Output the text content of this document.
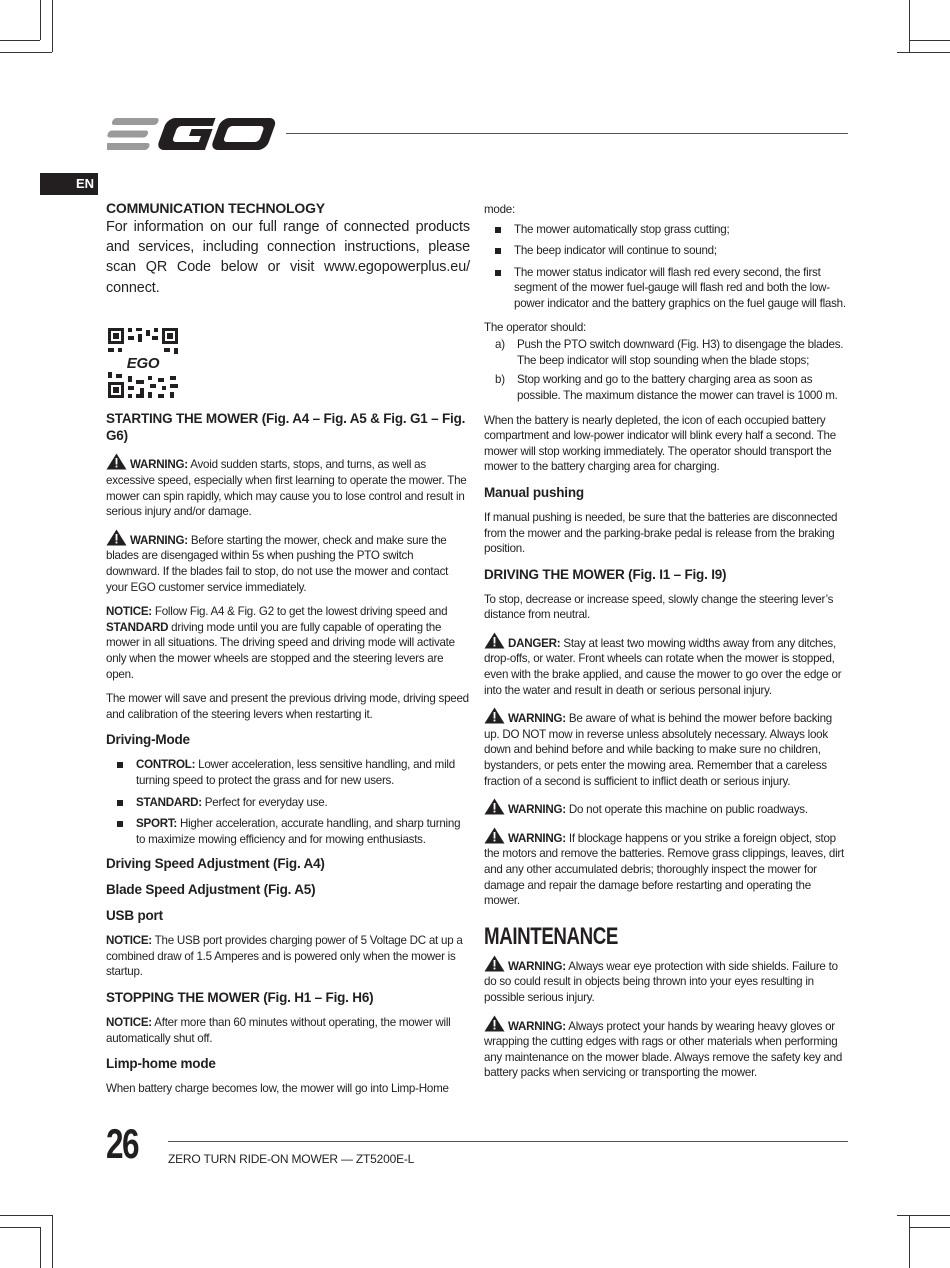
EN
COMMUNICATION TECHNOLOGY

For information on our full range of connected products and services, including connection instructions, please scan QR Code below or visit www.egopowerplus.eu/ connect.

EGO
STARTING THE MOWER (Fig. A4 – Fig. A5 & Fig. G1 – Fig. G6)

WARNING: Avoid sudden starts, stops, and turns, as well as excessive speed, especially when first learning to operate the mower. The mower can spin rapidly, which may cause you to lose control and result in serious injury and/or damage.

WARNING: Before starting the mower, check and make sure the blades are disengaged within 5s when pushing the PTO switch downward. If the blades fail to stop, do not use the mower and contact your EGO customer service immediately.

NOTICE: Follow Fig. A4 & Fig. G2 to get the lowest driving speed and STANDARD driving mode until you are fully capable of operating the mower in all situations. The driving speed and driving mode will activate only when the mower wheels are stopped and the steering levers are open.

The mower will save and present the previous driving mode, driving speed and calibration of the steering levers when restarting it.

Driving-Mode
CONTROL: Lower acceleration, less sensitive handling, and mild turning speed to protect the grass and for new users.
STANDARD: Perfect for everyday use.
SPORT: Higher acceleration, accurate handling, and sharp turning to maximize mowing efficiency and for mowing enthusiasts.
Driving Speed Adjustment (Fig. A4)
Blade Speed Adjustment (Fig. A5)
USB port

NOTICE: The USB port provides charging power of 5 Voltage DC at up a combined draw of 1.5 Amperes and is powered only when the mower is startup.

STOPPING THE MOWER (Fig. H1 – Fig. H6)

NOTICE: After more than 60 minutes without operating, the mower will automatically shut off.

Limp-home mode

When battery charge becomes low, the mower will go into Limp-Home

mode:

The mower automatically stop grass cutting;
The beep indicator will continue to sound;
The mower status indicator will flash red every second, the first segment of the mower fuel-gauge will flash red and both the low-power indicator and the battery graphics on the fuel gauge will flash.

The operator should:

a) Push the PTO switch downward (Fig. H3) to disengage the blades. The beep indicator will stop sounding when the blade stops;
b) Stop working and go to the battery charging area as soon as possible. The maximum distance the mower can travel is 1000 m.

When the battery is nearly depleted, the icon of each occupied battery compartment and low-power indicator will blink every half a second. The mower will stop working immediately. The operator should transport the mower to the battery charging area for charging.

Manual pushing

If manual pushing is needed, be sure that the batteries are disconnected from the mower and the parking-brake pedal is release from the braking position.

DRIVING THE MOWER (Fig. I1 – Fig. I9)

To stop, decrease or increase speed, slowly change the steering lever’s distance from neutral.

DANGER: Stay at least two mowing widths away from any ditches, drop-offs, or water. Front wheels can rotate when the mower is stopped, even with the brake applied, and cause the mower to go over the edge or into the water and result in death or serious personal injury.

WARNING: Be aware of what is behind the mower before backing up. DO NOT mow in reverse unless absolutely necessary. Always look down and behind before and while backing to make sure no children, bystanders, or pets enter the mowing area. Remember that a careless fraction of a second is sufficient to inflict death or serious injury.

WARNING: Do not operate this machine on public roadways.

WARNING: If blockage happens or you strike a foreign object, stop the motors and remove the batteries. Remove grass clippings, leaves, dirt and any other accumulated debris; thoroughly inspect the mower for damage and repair the damage before restarting and operating the mower.

MAINTENANCE

WARNING: Always wear eye protection with side shields. Failure to do so could result in objects being thrown into your eyes resulting in possible serious injury.

WARNING: Always protect your hands by wearing heavy gloves or wrapping the cutting edges with rags or other materials when performing any maintenance on the mower blade. Always remove the safety key and battery packs when servicing or transporting the mower.

26 ZERO TURN RIDE-ON MOWER — ZT5200E-L
